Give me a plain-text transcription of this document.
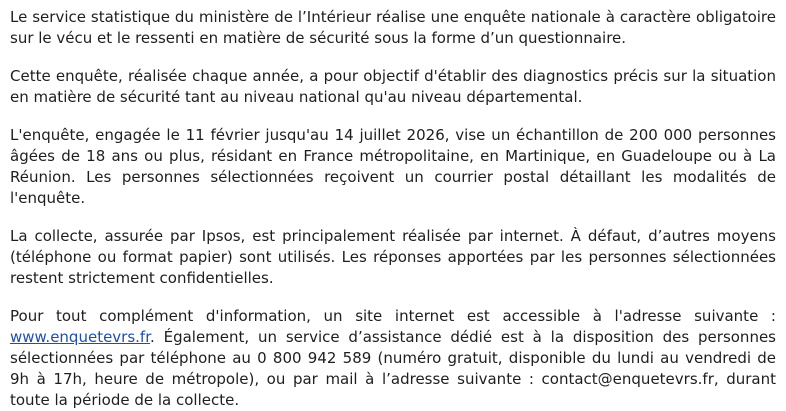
Le service statistique du ministère de l’Intérieur réalise une enquête nationale à caractère obligatoire sur le vécu et le ressenti en matière de sécurité sous la forme d’un questionnaire.

Cette enquête, réalisée chaque année, a pour objectif d'établir des diagnostics précis sur la situation en matière de sécurité tant au niveau national qu'au niveau départemental.

L'enquête, engagée le 11 février jusqu'au 14 juillet 2026, vise un échantillon de 200 000 personnes âgées de 18 ans ou plus, résidant en France métropolitaine, en Martinique, en Guadeloupe ou à La Réunion. Les personnes sélectionnées reçoivent un courrier postal détaillant les modalités de l'enquête.

La collecte, assurée par Ipsos, est principalement réalisée par internet. À défaut, d’autres moyens (téléphone ou format papier) sont utilisés. Les réponses apportées par les personnes sélectionnées restent strictement confidentielles.

Pour tout complément d'information, un site internet est accessible à l'adresse suivante : www.enquetevrs.fr. Également, un service d’assistance dédié est à la disposition des personnes sélectionnées par téléphone au 0 800 942 589 (numéro gratuit, disponible du lundi au vendredi de 9h à 17h, heure de métropole), ou par mail à l’adresse suivante : contact@enquetevrs.fr, durant toute la période de la collecte.
